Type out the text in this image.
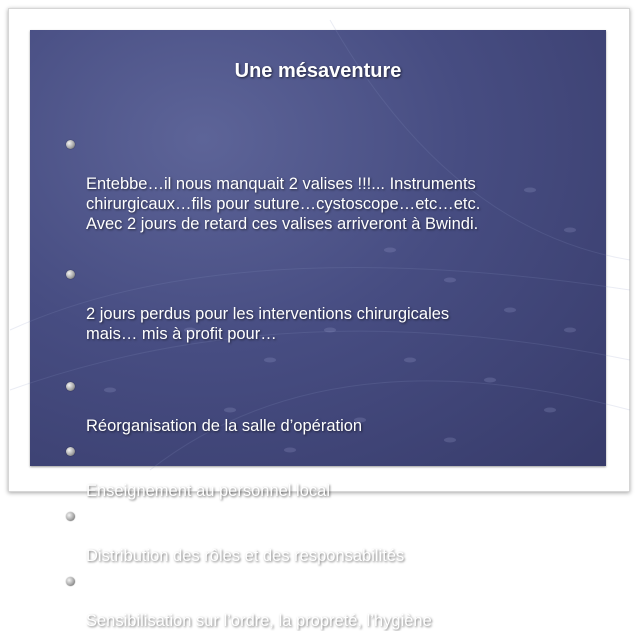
Une mésaventure

Entebbe…il nous manquait 2 valises !!!... Instruments
chirurgicaux…fils pour suture…cystoscope…etc…etc.
Avec 2 jours de retard ces valises arriveront à Bwindi.

2 jours perdus pour les interventions chirurgicales
mais… mis à profit pour…

Réorganisation de la salle d’opération

Enseignement au personnel local

Distribution des rôles et des responsabilités

Sensibilisation sur l’ordre, la propreté, l’hygiène
